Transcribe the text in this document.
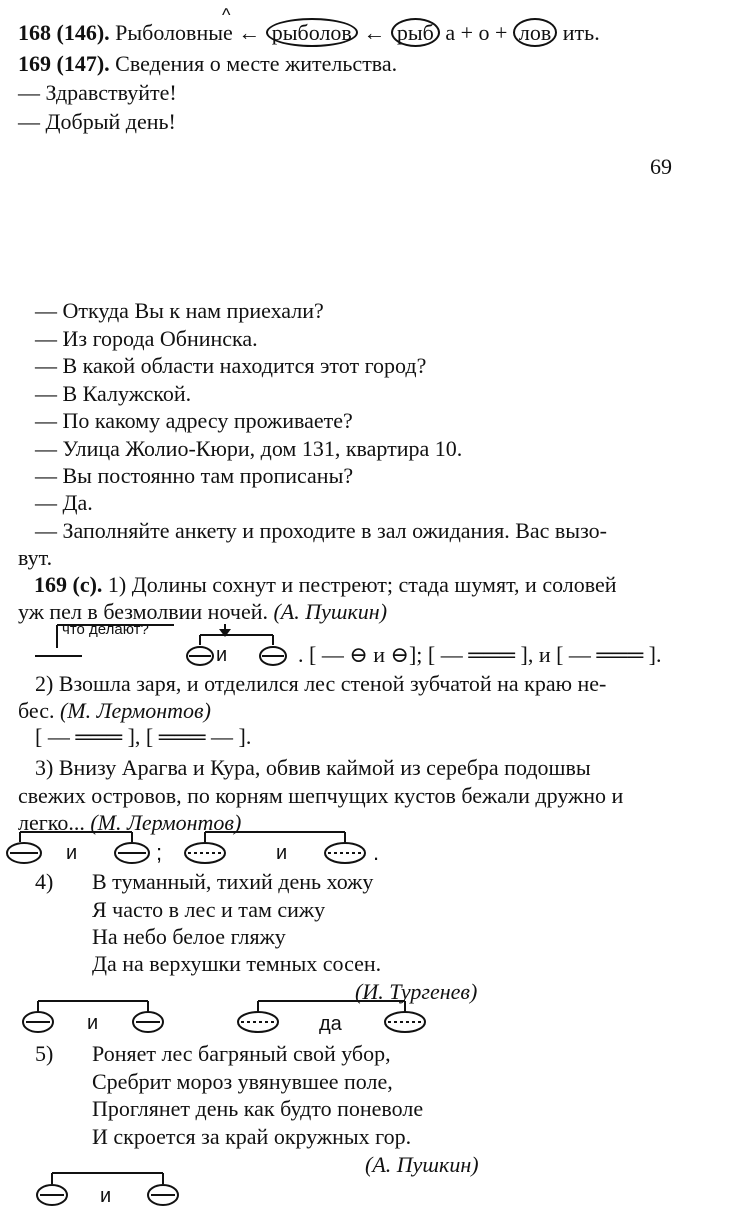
168 (146). Рыболовные ← рыболов ← рыб а + о + лов ить.
^
169 (147). Сведения о месте жительства.
— Здравствуйте!
— Добрый день!
69
— Откуда Вы к нам приехали?
— Из города Обнинска.
— В какой области находится этот город?
— В Калужской.
— По какому адресу проживаете?
— Улица Жолио-Кюри, дом 131, квартира 10.
— Вы постоянно там прописаны?
— Да.
— Заполняйте анкету и проходите в зал ожидания. Вас вызо-
вут.
169 (с). 1) Долины сохнут и пестреют; стада шумят, и соловей
уж пел в безмолвии ночей. (А. Пушкин)
что делают?
и	. [ — ⊖ и ⊖]; [ — ═══ ], и [ — ═══ ].
2) Взошла заря, и отделился лес стеной зубчатой на краю не-
бес. (М. Лермонтов)
[ — ═══ ], [ ═══ — ].
3) Внизу Арагва и Кура, обвив каймой из серебра подошвы
свежих островов, по корням шепчущих кустов бежали дружно и
легко... (М. Лермонтов)
и	;	и	.
4) В туманный, тихий день хожу
Я часто в лес и там сижу
На небо белое гляжу
Да на верхушки темных сосен.
(И. Тургенев)
и	да
5) Роняет лес багряный свой убор,
Сребрит мороз увянувшее поле,
Проглянет день как будто поневоле
И скроется за край окружных гор.
(А. Пушкин)
и
